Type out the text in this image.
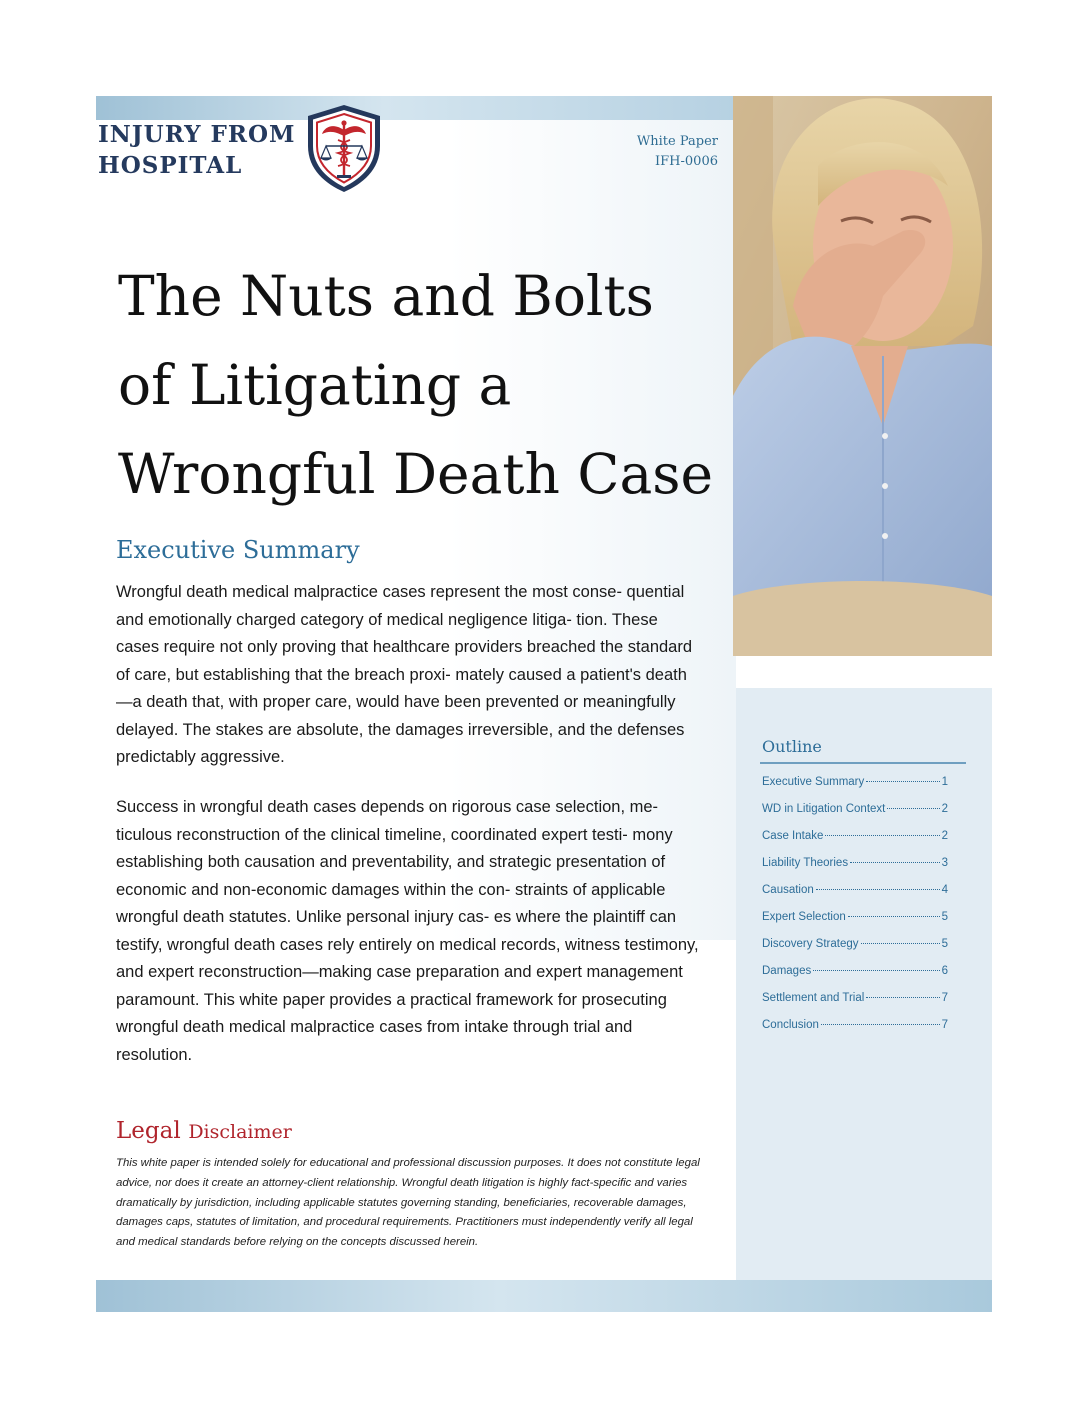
INJURY FROM
HOSPITAL
White Paper
IFH-0006
The Nuts and Bolts
of Litigating a
Wrongful Death Case
Executive Summary

Wrongful death medical malpractice cases represent the most conse- quential and emotionally charged category of medical negligence litiga- tion. These cases require not only proving that healthcare providers breached the standard of care, but establishing that the breach proxi- mately caused a patient's death—a death that, with proper care, would have been prevented or meaningfully delayed. The stakes are absolute, the damages irreversible, and the defenses predictably aggressive.

Success in wrongful death cases depends on rigorous case selection, me- ticulous reconstruction of the clinical timeline, coordinated expert testi- mony establishing both causation and preventability, and strategic presentation of economic and non-economic damages within the con- straints of applicable wrongful death statutes. Unlike personal injury cas- es where the plaintiff can testify, wrongful death cases rely entirely on medical records, witness testimony, and expert reconstruction—making case preparation and expert management paramount. This white paper provides a practical framework for prosecuting wrongful death medical malpractice cases from intake through trial and resolution.

Legal Disclaimer

This white paper is intended solely for educational and professional discussion purposes. It does not constitute legal advice, nor does it create an attorney-client relationship. Wrongful death litigation is highly fact-specific and varies dramatically by jurisdiction, including applicable statutes governing standing, beneficiaries, recoverable damages, damages caps, statutes of limitation, and procedural requirements. Practitioners must independently verify all legal and medical standards before relying on the concepts discussed herein.

Outline
Executive Summary	1
WD in Litigation Context	2
Case Intake	2
Liability Theories	3
Causation	4
Expert Selection	5
Discovery Strategy	5
Damages	6
Settlement and Trial	7
Conclusion	7
